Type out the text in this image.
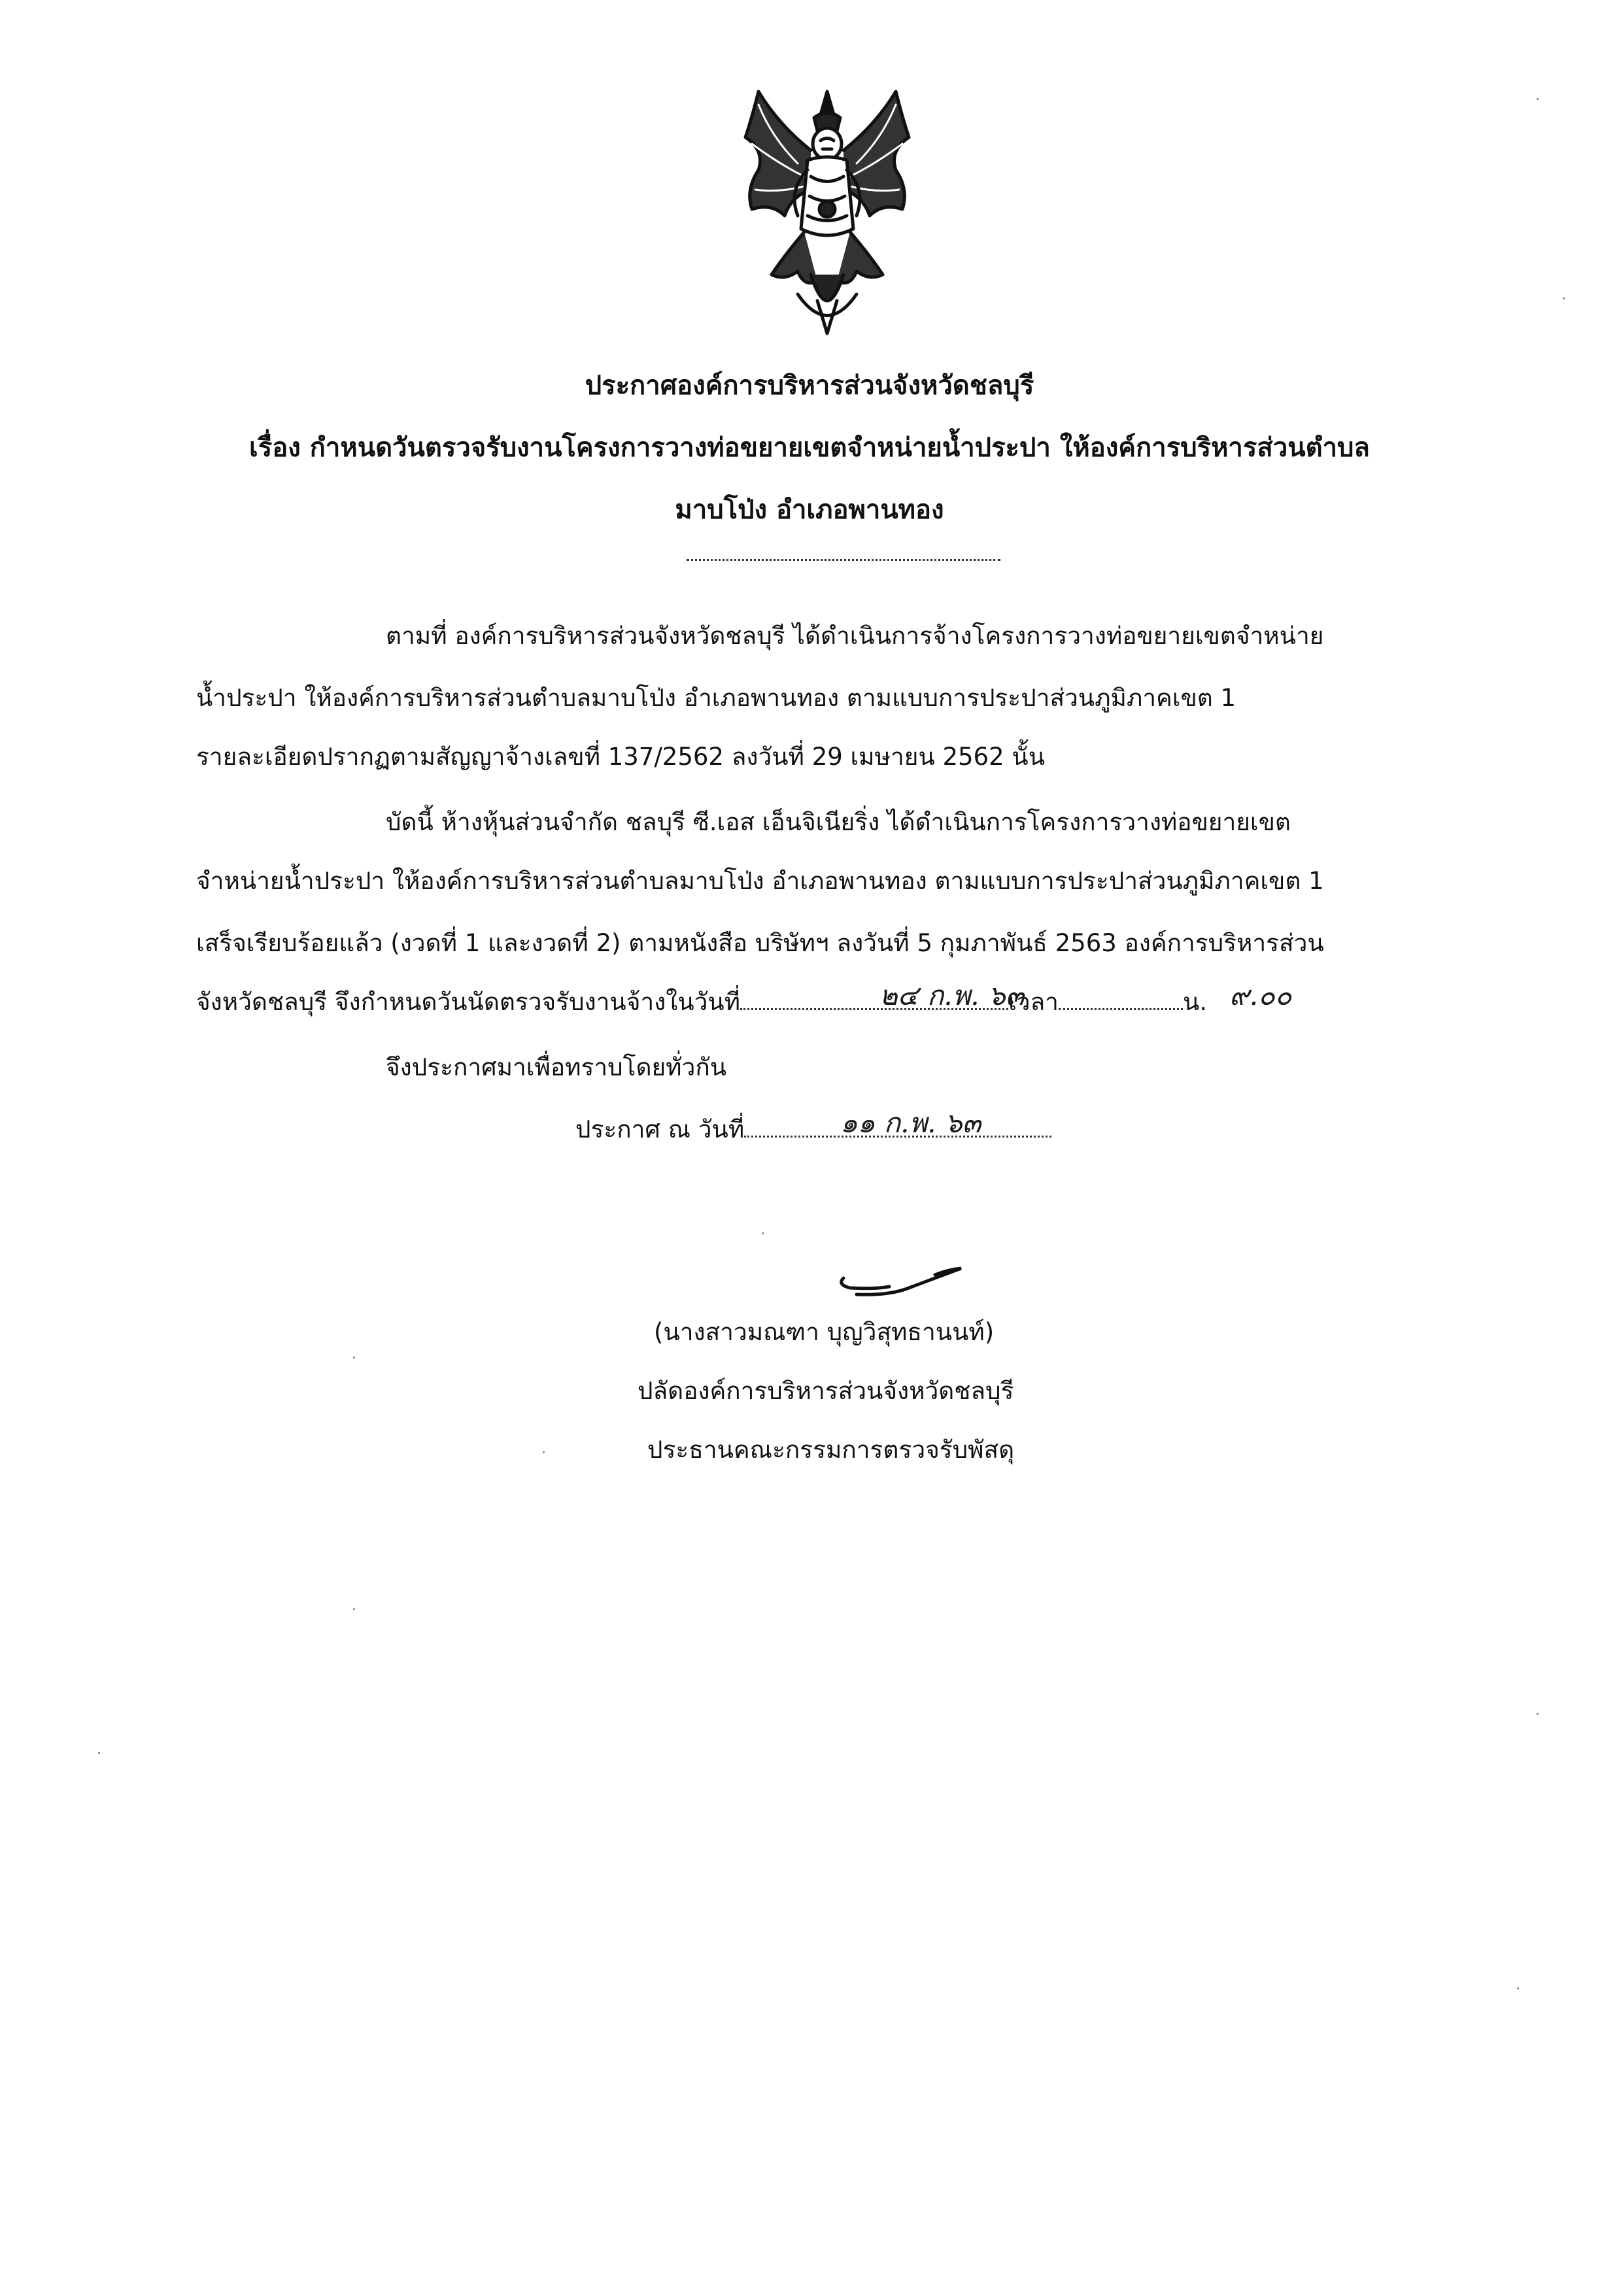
ประกาศองค์การบริหารส่วนจังหวัดชลบุรี
เรื่อง กำหนดวันตรวจรับงานโครงการวางท่อขยายเขตจำหน่ายน้ำประปา ให้องค์การบริหารส่วนตำบล
มาบโป่ง อำเภอพานทอง
ตามที่ องค์การบริหารส่วนจังหวัดชลบุรี ได้ดำเนินการจ้างโครงการวางท่อขยายเขตจำหน่าย
น้ำประปา ให้องค์การบริหารส่วนตำบลมาบโป่ง อำเภอพานทอง ตามแบบการประปาส่วนภูมิภาคเขต 1
รายละเอียดปรากฏตามสัญญาจ้างเลขที่ 137/2562 ลงวันที่ 29 เมษายน 2562 นั้น
บัดนี้ ห้างหุ้นส่วนจำกัด ชลบุรี ซี.เอส เอ็นจิเนียริ่ง ได้ดำเนินการโครงการวางท่อขยายเขต
จำหน่ายน้ำประปา ให้องค์การบริหารส่วนตำบลมาบโป่ง อำเภอพานทอง ตามแบบการประปาส่วนภูมิภาคเขต 1
เสร็จเรียบร้อยแล้ว (งวดที่ 1 และงวดที่ 2) ตามหนังสือ บริษัทฯ ลงวันที่ 5 กุมภาพันธ์ 2563 องค์การบริหารส่วน
จังหวัดชลบุรี จึงกำหนดวันนัดตรวจรับงานจ้างในวันที่	เวลา	น.
๒๔ ก.พ. ๖๓	๙.๐๐
จึงประกาศมาเพื่อทราบโดยทั่วกัน
ประกาศ ณ วันที่	๑๑ ก.พ. ๖๓
(นางสาวมณฑา บุญวิสุทธานนท์)
ปลัดองค์การบริหารส่วนจังหวัดชลบุรี
ประธานคณะกรรมการตรวจรับพัสดุ
